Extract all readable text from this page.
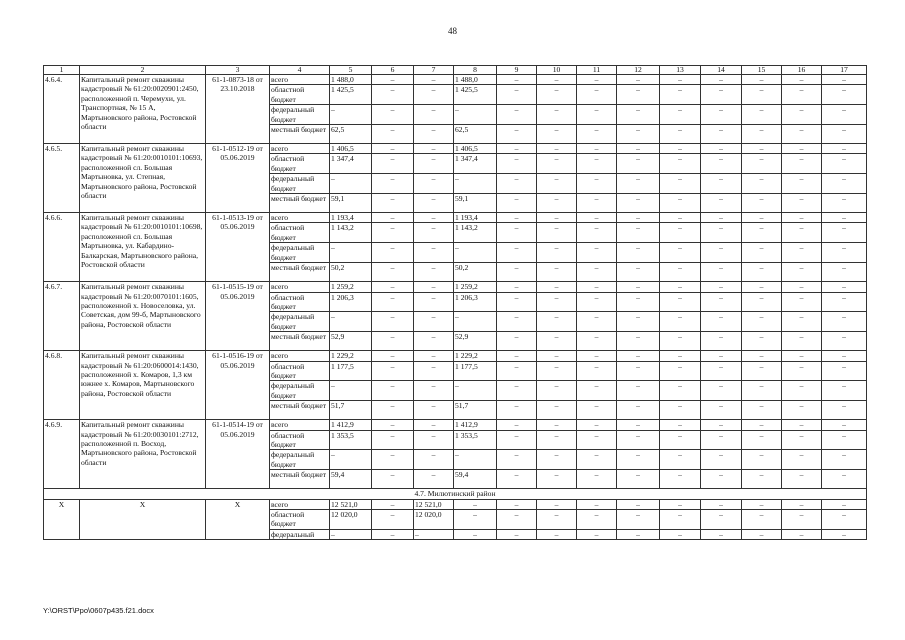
48
1	2	3	4	5	6	7	8	9	10	11	12	13	14	15	16	17
4.6.4.	Капитальный ремонт скважины кадастровый № 61:20:0020901:2450, расположенной п. Черемухи, ул. Транспортная, № 15 А, Мартыновского района, Ростовской области	61-1-0873-18 от 23.10.2018	всего	1 488,0	–	–	1 488,0	–	–	–	–	–	–	–	–	–
			областной бюджет	1 425,5	–	–	1 425,5	–	–	–	–	–	–	–	–	–
			федеральный бюджет	–	–	–	–	–	–	–	–	–	–	–	–	–
			местный бюджет	62,5	–	–	62,5	–	–	–	–	–	–	–	–	–
4.6.5.	Капитальный ремонт скважины кадастровый № 61:20:0010101:10693, расположенной сл. Большая Мартыновка, ул. Степная, Мартыновского района, Ростовской области	61-1-0512-19 от 05.06.2019	всего	1 406,5	–	–	1 406,5	–	–	–	–	–	–	–	–	–
			областной бюджет	1 347,4	–	–	1 347,4	–	–	–	–	–	–	–	–	–
			федеральный бюджет	–	–	–	–	–	–	–	–	–	–	–	–	–
			местный бюджет	59,1	–	–	59,1	–	–	–	–	–	–	–	–	–
4.6.6.	Капитальный ремонт скважины кадастровый № 61:20:0010101:10698, расположенной сл. Большая Мартыновка, ул. Кабардино-Балкарская, Мартыновского района, Ростовской области	61-1-0513-19 от 05.06.2019	всего	1 193,4	–	–	1 193,4	–	–	–	–	–	–	–	–	–
			областной бюджет	1 143,2	–	–	1 143,2	–	–	–	–	–	–	–	–	–
			федеральный бюджет	–	–	–	–	–	–	–	–	–	–	–	–	–
			местный бюджет	50,2	–	–	50,2	–	–	–	–	–	–	–	–	–
4.6.7.	Капитальный ремонт скважины кадастровый № 61:20:0070101:1605, расположенной х. Новоселовка, ул. Советская, дом 99-б, Мартыновского района, Ростовской области	61-1-0515-19 от 05.06.2019	всего	1 259,2	–	–	1 259,2	–	–	–	–	–	–	–	–	–
			областной бюджет	1 206,3	–	–	1 206,3	–	–	–	–	–	–	–	–	–
			федеральный бюджет	–	–	–	–	–	–	–	–	–	–	–	–	–
			местный бюджет	52,9	–	–	52,9	–	–	–	–	–	–	–	–	–
4.6.8.	Капитальный ремонт скважины кадастровый № 61:20:0600014:1430, расположенной х. Комаров, 1,3 км южнее х. Комаров, Мартыновского района, Ростовской области	61-1-0516-19 от 05.06.2019	всего	1 229,2	–	–	1 229,2	–	–	–	–	–	–	–	–	–
			областной бюджет	1 177,5	–	–	1 177,5	–	–	–	–	–	–	–	–	–
			федеральный бюджет	–	–	–	–	–	–	–	–	–	–	–	–	–
			местный бюджет	51,7	–	–	51,7	–	–	–	–	–	–	–	–	–
4.6.9.	Капитальный ремонт скважины кадастровый № 61:20:0030101:2712, расположенной п. Восход, Мартыновского района, Ростовской области	61-1-0514-19 от 05.06.2019	всего	1 412,9	–	–	1 412,9	–	–	–	–	–	–	–	–	–
			областной бюджет	1 353,5	–	–	1 353,5	–	–	–	–	–	–	–	–	–
			федеральный бюджет	–	–	–	–	–	–	–	–	–	–	–	–	–
			местный бюджет	59,4	–	–	59,4	–	–	–	–	–	–	–	–	–
4.7. Милютинский район																
X	X	X	всего	12 521,0	–	12 521,0	–	–	–	–	–	–	–	–	–	–
			областной бюджет	12 020,0	–	12 020,0	–	–	–	–	–	–	–	–	–	–
			федеральный	–	–	–	–	–	–	–	–	–	–	–	–	–
Y:\ORST\Ppo\0607p435.f21.docx
